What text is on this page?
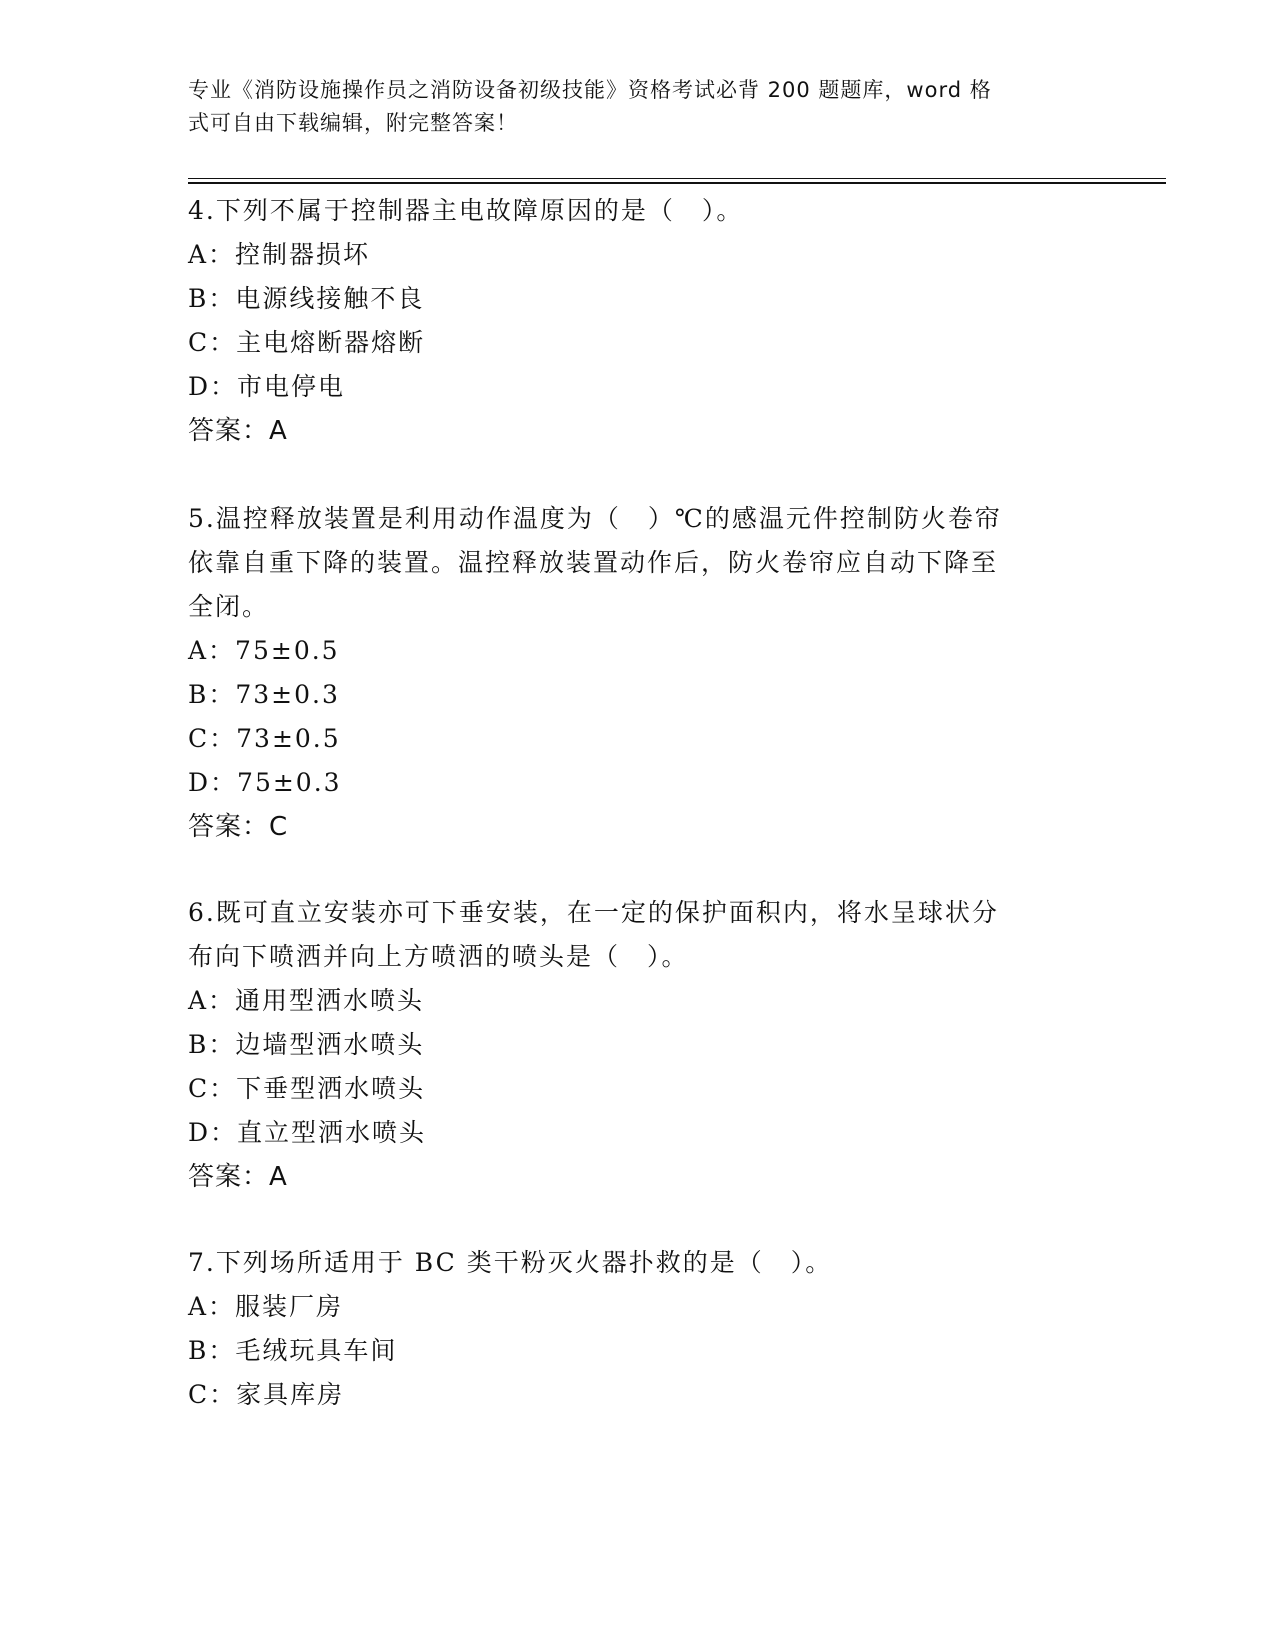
专业《消防设施操作员之消防设备初级技能》资格考试必背 200 题题库，word 格
式可自由下载编辑，附完整答案！
4.下列不属于控制器主电故障原因的是（　）。
A：控制器损坏
B：电源线接触不良
C：主电熔断器熔断
D：市电停电
答案：A
5.温控释放装置是利用动作温度为（　）℃的感温元件控制防火卷帘
依靠自重下降的装置。温控释放装置动作后，防火卷帘应自动下降至
全闭。
A：75±0.5
B：73±0.3
C：73±0.5
D：75±0.3
答案：C
6.既可直立安装亦可下垂安装，在一定的保护面积内，将水呈球状分
布向下喷洒并向上方喷洒的喷头是（　）。
A：通用型洒水喷头
B：边墙型洒水喷头
C：下垂型洒水喷头
D：直立型洒水喷头
答案：A
7.下列场所适用于 BC 类干粉灭火器扑救的是（　）。
A：服装厂房
B：毛绒玩具车间
C：家具库房
